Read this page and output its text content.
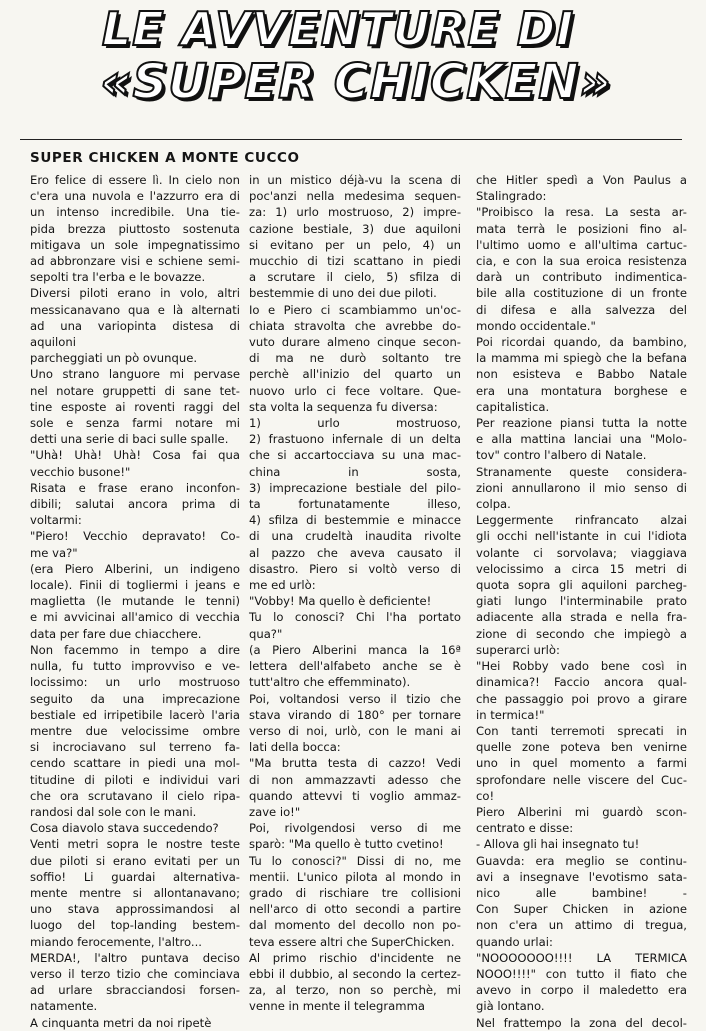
LE AVVENTURE DI
«SUPER CHICKEN»
SUPER CHICKEN A MONTE CUCCO
Ero felice di essere lì. In cielo non
c'era una nuvola e l'azzurro era di
un intenso incredibile. Una tie-
pida brezza piuttosto sostenuta
mitigava un sole impegnatissimo
ad abbronzare visi e schiene semi-
sepolti tra l'erba e le bovazze.
Diversi piloti erano in volo, altri
messicanavano qua e là alternati
ad una variopinta distesa di aquiloni
parcheggiati un pò ovunque.
Uno strano languore mi pervase
nel notare gruppetti di sane tet-
tine esposte ai roventi raggi del
sole e senza farmi notare mi
detti una serie di baci sulle spalle.
"Uhà! Uhà! Uhà! Cosa fai qua
vecchio busone!"
Risata e frase erano inconfon-
dibili; salutai ancora prima di
voltarmi:
"Piero! Vecchio depravato! Co-
me va?"
(era Piero Alberini, un indigeno
locale). Finii di togliermi i jeans e
maglietta (le mutande le tenni)
e mi avvicinai all'amico di vecchia
data per fare due chiacchere.
Non facemmo in tempo a dire
nulla, fu tutto improvviso e ve-
locissimo: un urlo mostruoso
seguito da una imprecazione
bestiale ed irripetibile lacerò l'aria
mentre due velocissime ombre
si incrociavano sul terreno fa-
cendo scattare in piedi una mol-
titudine di piloti e individui vari
che ora scrutavano il cielo ripa-
randosi dal sole con le mani.
Cosa diavolo stava succedendo?
Venti metri sopra le nostre teste
due piloti si erano evitati per un
soffio! Li guardai alternativa-
mente mentre si allontanavano;
uno stava approssimandosi al
luogo del top-landing bestem-
miando ferocemente, l'altro...
MERDA!, l'altro puntava deciso
verso il terzo tizio che cominciava
ad urlare sbracciandosi forsen-
natamente.
A cinquanta metri da noi ripetè
in un mistico déjà-vu la scena di
poc'anzi nella medesima sequen-
za: 1) urlo mostruoso, 2) impre-
cazione bestiale, 3) due aquiloni
si evitano per un pelo, 4) un
mucchio di tizi scattano in piedi
a scrutare il cielo, 5) sfilza di
bestemmie di uno dei due piloti.
Io e Piero ci scambiammo un'oc-
chiata stravolta che avrebbe do-
vuto durare almeno cinque secon-
di ma ne durò soltanto tre
perchè all'inizio del quarto un
nuovo urlo ci fece voltare. Que-
sta volta la sequenza fu diversa:
1) urlo mostruoso,
2) frastuono infernale di un delta
che si accartocciava su una mac-
china in sosta,
3) imprecazione bestiale del pilo-
ta fortunatamente illeso,
4) sfilza di bestemmie e minacce
di una crudeltà inaudita rivolte
al pazzo che aveva causato il
disastro. Piero si voltò verso di
me ed urlò:
"Vobby! Ma quello è deficiente!
Tu lo conosci? Chi l'ha portato
qua?"
(a Piero Alberini manca la 16ª
lettera dell'alfabeto anche se è
tutt'altro che effemminato).
Poi, voltandosi verso il tizio che
stava virando di 180° per tornare
verso di noi, urlò, con le mani ai
lati della bocca:
"Ma brutta testa di cazzo! Vedi
di non ammazzavti adesso che
quando attevvi ti voglio ammaz-
zave io!"
Poi, rivolgendosi verso di me
sparò: "Ma quello è tutto cvetino!
Tu lo conosci?" Dissi di no, me
mentii. L'unico pilota al mondo in
grado di rischiare tre collisioni
nell'arco di otto secondi a partire
dal momento del decollo non po-
teva essere altri che SuperChicken.
Al primo rischio d'incidente ne
ebbi il dubbio, al secondo la certez-
za, al terzo, non so perchè, mi
venne in mente il telegramma
che Hitler spedì a Von Paulus a
Stalingrado:
"Proibisco la resa. La sesta ar-
mata terrà le posizioni fino al-
l'ultimo uomo e all'ultima cartuc-
cia, e con la sua eroica resistenza
darà un contributo indimentica-
bile alla costituzione di un fronte
di difesa e alla salvezza del
mondo occidentale."
Poi ricordai quando, da bambino,
la mamma mi spiegò che la befana
non esisteva e Babbo Natale
era una montatura borghese e
capitalistica.
Per reazione piansi tutta la notte
e alla mattina lanciai una "Molo-
tov" contro l'albero di Natale.
Stranamente queste considera-
zioni annullarono il mio senso di
colpa.
Leggermente rinfrancato alzai
gli occhi nell'istante in cui l'idiota
volante ci sorvolava; viaggiava
velocissimo a circa 15 metri di
quota sopra gli aquiloni parcheg-
giati lungo l'interminabile prato
adiacente alla strada e nella fra-
zione di secondo che impiegò a
superarci urlò:
"Hei Robby vado bene così in
dinamica?! Faccio ancora qual-
che passaggio poi provo a girare
in termica!"
Con tanti terremoti sprecati in
quelle zone poteva ben venirne
uno in quel momento a farmi
sprofondare nelle viscere del Cuc-
co!
Piero Alberini mi guardò scon-
centrato e disse:
- Allova gli hai insegnato tu!
Guavda: era meglio se continu-
avi a insegnave l'evotismo sata-
nico alle bambine! -
Con Super Chicken in azione
non c'era un attimo di tregua,
quando urlai:
"NOOOOOOO!!!! LA TERMICA
NOOO!!!!" con tutto il fiato che
avevo in corpo il maledetto era
già lontano.
Nel frattempo la zona del decol-
